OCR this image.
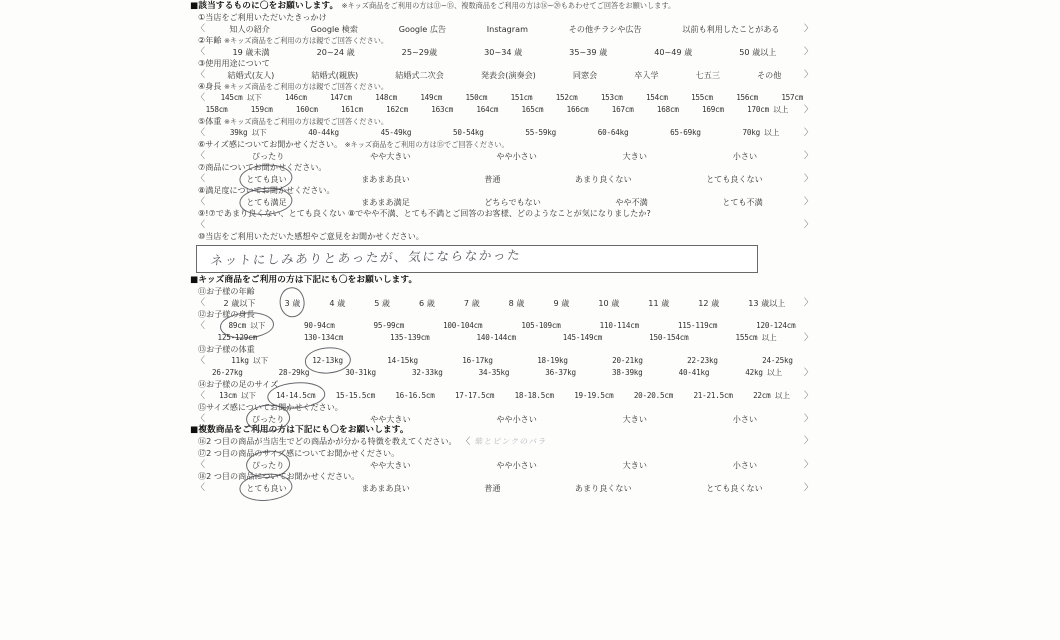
■該当するものに〇をお願いします。 ※キッズ商品をご利用の方は⑪~⑮、複数商品をご利用の方は⑯~⑳もあわせてご回答をお願いします。
①当店をご利用いただいたきっかけ
〈	知人の紹介	Google 検索	Google 広告	Instagram	その他チラシや広告	以前も利用したことがある	〉
②年齢 ※キッズ商品をご利用の方は親でご回答ください。
〈	19 歳未満	20~24 歳	25~29歳	30~34 歳	35~39 歳	40~49 歳	50 歳以上	〉
③使用用途について
〈	結婚式(友人)	結婚式(親族)	結婚式二次会	発表会(演奏会)	同窓会	卒入学	七五三	その他	〉
④身長 ※キッズ商品をご利用の方は親でご回答ください。
〈 145cm 以下	146cm	147cm	148cm	149cm	150cm	151cm	152cm	153cm	154cm	155cm	156cm	157cm
158cm	159cm	160cm	161cm	162cm	163cm	164cm	165cm	166cm	167cm	168cm	169cm	170cm 以上	〉
⑤体重 ※キッズ商品をご利用の方は親でご回答ください。
〈	39kg 以下	40-44kg	45-49kg	50-54kg	55-59kg	60-64kg	65-69kg	70kg 以上	〉
⑥サイズ感についてお聞かせください。 ※キッズ商品をご利用の方は⑮でご回答ください。
〈	ぴったり	やや大きい	やや小さい	大きい	小さい	〉
⑦商品についてお聞かせください。
〈	とても良い	まあまあ良い	普通	あまり良くない	とても良くない	〉
⑧満足度についてお聞かせください。
〈	とても満足	まあまあ満足	どちらでもない	やや不満	とても不満	〉
⑨!⑦であまり良くない、とても良くない ⑧でやや不満、とても不満とご回答のお客様、どのようなことが気になりましたか?
〈	〉
⑩当店をご利用いただいた感想やご意見をお聞かせください。
ネットにしみありとあったが、気にならなかった
■キッズ商品をご利用の方は下記にも〇をお願いします。
⑪お子様の年齢
〈 2 歳以下	3 歳	4 歳	5 歳	6 歳	7 歳	8 歳	9 歳	10 歳	11 歳	12 歳	13 歳以上	〉
⑫お子様の身長
〈	89cm 以下	90-94cm	95-99cm	100-104cm	105-109cm	110-114cm	115-119cm	120-124cm
125-129cm	130-134cm	135-139cm	140-144cm	145-149cm	150-154cm	155cm 以上	〉
⑬お子様の体重
〈	11kg 以下	12-13kg	14-15kg	16-17kg	18-19kg	20-21kg	22-23kg	24-25kg
26-27kg	28-29kg	30-31kg	32-33kg	34-35kg	36-37kg	38-39kg	40-41kg	42kg 以上	〉
⑭お子様の足のサイズ
〈 13cm 以下	14-14.5cm	15-15.5cm	16-16.5cm	17-17.5cm	18-18.5cm	19-19.5cm	20-20.5cm	21-21.5cm	22cm 以上	〉
⑮サイズ感についてお聞かせください。
〈	ぴったり	やや大きい	やや小さい	大きい	小さい	〉
■複数商品をご利用の方は下記にも〇をお願いします。
⑯2 つ目の商品が当店生でどの商品かが分かる特徴を教えてください。 〈 紫とピンクのバラ	〉
⑰2 つ目の商品のサイズ感についてお聞かせください。
〈	ぴったり	やや大きい	やや小さい	大きい	小さい	〉
⑱2 つ目の商品についてお聞かせください。
〈	とても良い	まあまあ良い	普通	あまり良くない	とても良くない	〉
